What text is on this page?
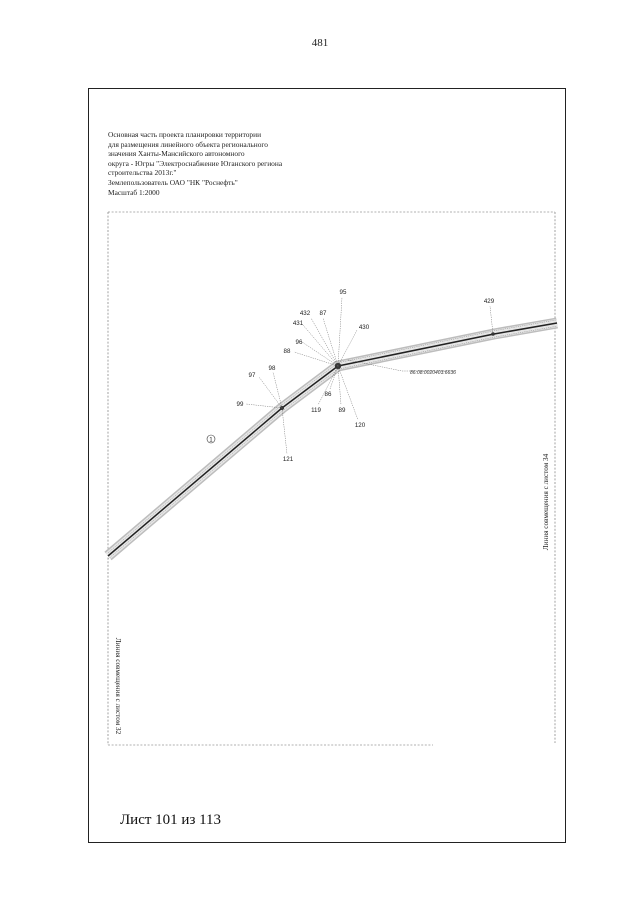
481
Основная часть проекта планировки территории
для размещения линейного объекта регионального
значения Ханты-Мансийского автономного
округа - Югры "Электроснабжение Юганского региона
строительства 2013г."
Землепользователь ОАО "НК "Роснефть"
Масштаб 1:2000
1
86:08:0020403:6636
95
432 87
431
430
96
88
429
97
98
86
99
119	89
120
121	Линия совмещения с листом 34
Линия совмещения с листом 32
Лист 101 из 113
